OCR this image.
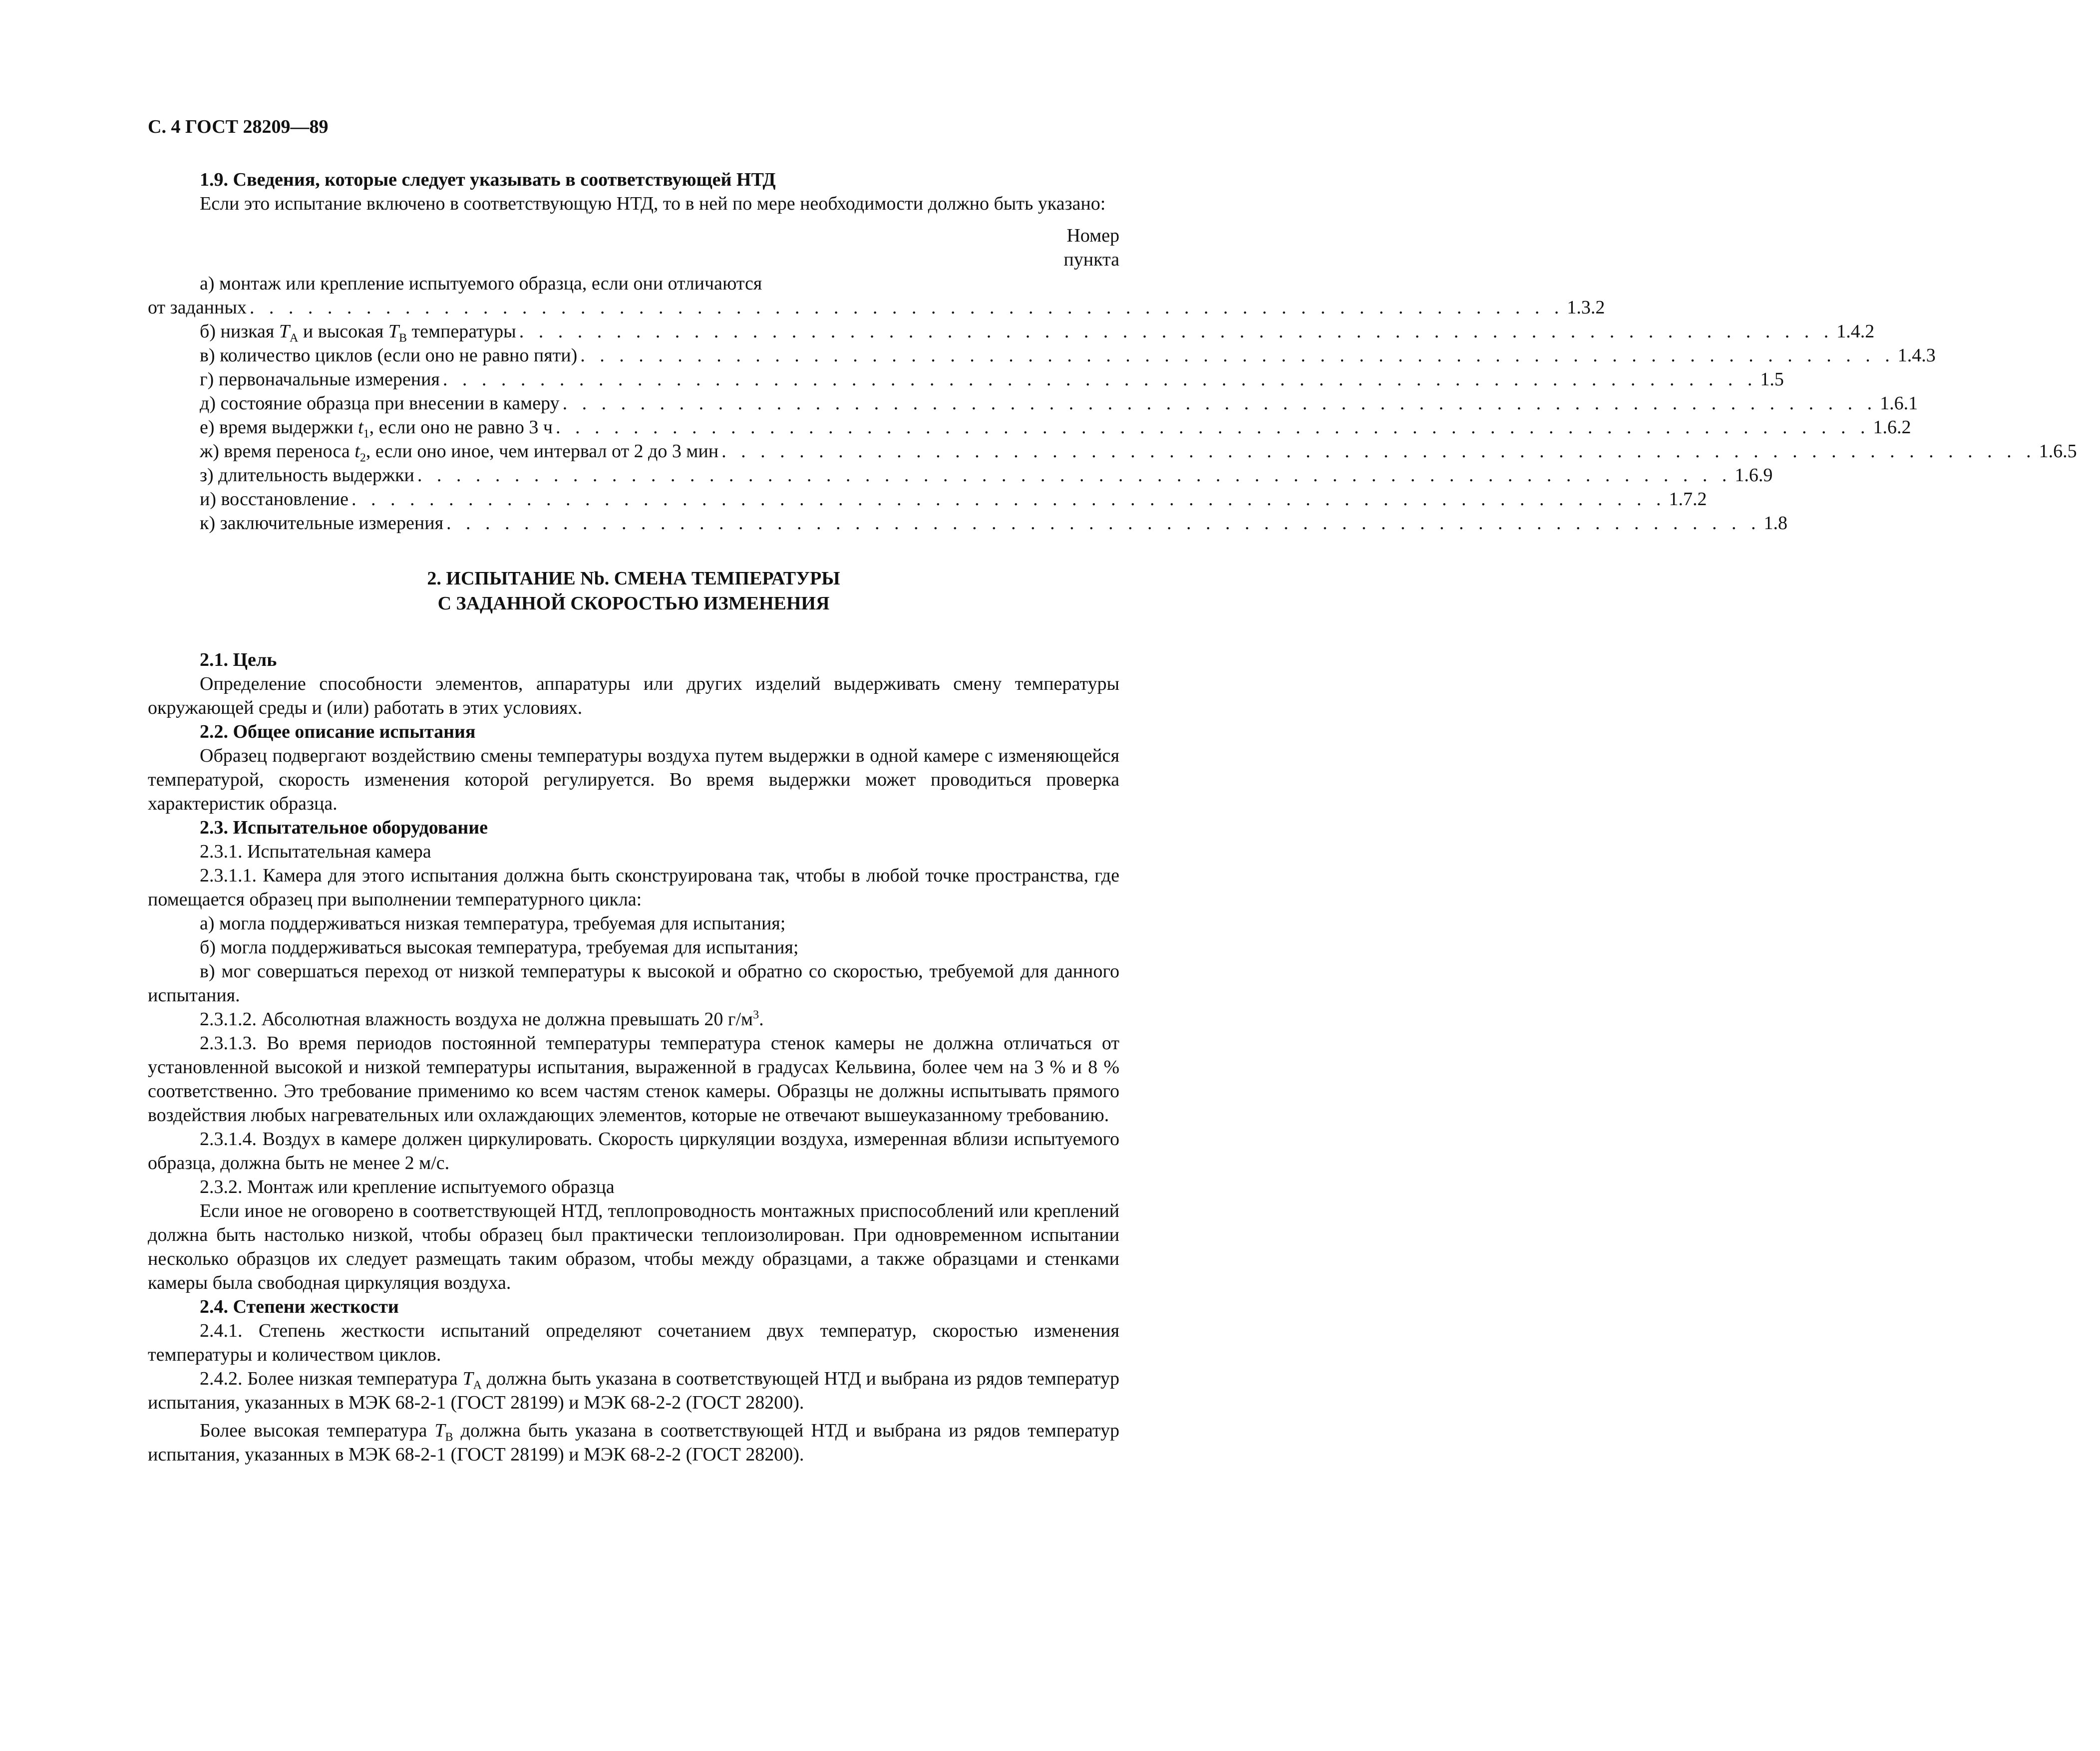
С. 4 ГОСТ 28209—89

1.9. Сведения, которые следует указывать в соответствующей НТД

Если это испытание включено в соответствующую НТД, то в ней по мере необходимости должно быть указано:

Номер
пункта
а) монтаж или крепление испытуемого образца, если они отличаются
от заданных . . . . . . . . . . . . . . . . . . . . . . . . . . . . . . . . . . . . . . . . . . . . . . . . . . . . . . . . . . . . . . . . . . . . 1.3.2
б) низкая $T_A$ и высокая $T_B$ температуры . . . . . . . . . . . . . . . . . . . . . . . . . . . . . . . . . . . . . . . . . . . . . . . . . . . . . . . . . . . . . . . . . . . . 1.4.2
в) количество циклов (если оно не равно пяти) . . . . . . . . . . . . . . . . . . . . . . . . . . . . . . . . . . . . . . . . . . . . . . . . . . . . . . . . . . . . . . . . . . . . 1.4.3
г) первоначальные измерения . . . . . . . . . . . . . . . . . . . . . . . . . . . . . . . . . . . . . . . . . . . . . . . . . . . . . . . . . . . . . . . . . . . . 1.5
д) состояние образца при внесении в камеру . . . . . . . . . . . . . . . . . . . . . . . . . . . . . . . . . . . . . . . . . . . . . . . . . . . . . . . . . . . . . . . . . . . . 1.6.1
е) время выдержки $t_1$, если оно не равно 3 ч . . . . . . . . . . . . . . . . . . . . . . . . . . . . . . . . . . . . . . . . . . . . . . . . . . . . . . . . . . . . . . . . . . . . 1.6.2
ж) время переноса $t_2$, если оно иное, чем интервал от 2 до 3 мин . . . . . . . . . . . . . . . . . . . . . . . . . . . . . . . . . . . . . . . . . . . . . . . . . . . . . . . . . . . . . . . . . . . . 1.6.5
з) длительность выдержки . . . . . . . . . . . . . . . . . . . . . . . . . . . . . . . . . . . . . . . . . . . . . . . . . . . . . . . . . . . . . . . . . . . . 1.6.9
и) восстановление . . . . . . . . . . . . . . . . . . . . . . . . . . . . . . . . . . . . . . . . . . . . . . . . . . . . . . . . . . . . . . . . . . . . 1.7.2
к) заключительные измерения . . . . . . . . . . . . . . . . . . . . . . . . . . . . . . . . . . . . . . . . . . . . . . . . . . . . . . . . . . . . . . . . . . . . 1.8
2. ИСПЫТАНИЕ Nb. СМЕНА ТЕМПЕРАТУРЫ
С ЗАДАННОЙ СКОРОСТЬЮ ИЗМЕНЕНИЯ

2.1. Цель

Определение способности элементов, аппаратуры или других изделий выдерживать смену температуры окружающей среды и (или) работать в этих условиях.

2.2. Общее описание испытания

Образец подвергают воздействию смены температуры воздуха путем выдержки в одной камере с изменяющейся температурой, скорость изменения которой регулируется. Во время выдержки может проводиться проверка характеристик образца.

2.3. Испытательное оборудование

2.3.1. Испытательная камера

2.3.1.1. Камера для этого испытания должна быть сконструирована так, чтобы в любой точке пространства, где помещается образец при выполнении температурного цикла:

а) могла поддерживаться низкая температура, требуемая для испытания;

б) могла поддерживаться высокая температура, требуемая для испытания;

в) мог совершаться переход от низкой температуры к высокой и обратно со скоростью, требуемой для данного испытания.

2.3.1.2. Абсолютная влажность воздуха не должна превышать 20 $г/м^3$.

2.3.1.3. Во время периодов постоянной температуры температура стенок камеры не должна отличаться от установленной высокой и низкой температуры испытания, выраженной в градусах Кельвина, более чем на 3 % и 8 % соответственно. Это требование применимо ко всем частям стенок камеры. Образцы не должны испытывать прямого воздействия любых нагревательных или охлаждающих элементов, которые не отвечают вышеуказанному требованию.

2.3.1.4. Воздух в камере должен циркулировать. Скорость циркуляции воздуха, измеренная вблизи испытуемого образца, должна быть не менее 2 м/с.

2.3.2. Монтаж или крепление испытуемого образца

Если иное не оговорено в соответствующей НТД, теплопроводность монтажных приспособлений или креплений должна быть настолько низкой, чтобы образец был практически теплоизолирован. При одновременном испытании несколько образцов их следует размещать таким образом, чтобы между образцами, а также образцами и стенками камеры была свободная циркуляция воздуха.

2.4. Степени жесткости

2.4.1. Степень жесткости испытаний определяют сочетанием двух температур, скоростью изменения температуры и количеством циклов.

2.4.2. Более низкая температура $T_A$ должна быть указана в соответствующей НТД и выбрана из рядов температур испытания, указанных в МЭК 68-2-1 (ГОСТ 28199) и МЭК 68-2-2 (ГОСТ 28200).

Более высокая температура $T_B$ должна быть указана в соответствующей НТД и выбрана из рядов температур испытания, указанных в МЭК 68-2-1 (ГОСТ 28199) и МЭК 68-2-2 (ГОСТ 28200).
